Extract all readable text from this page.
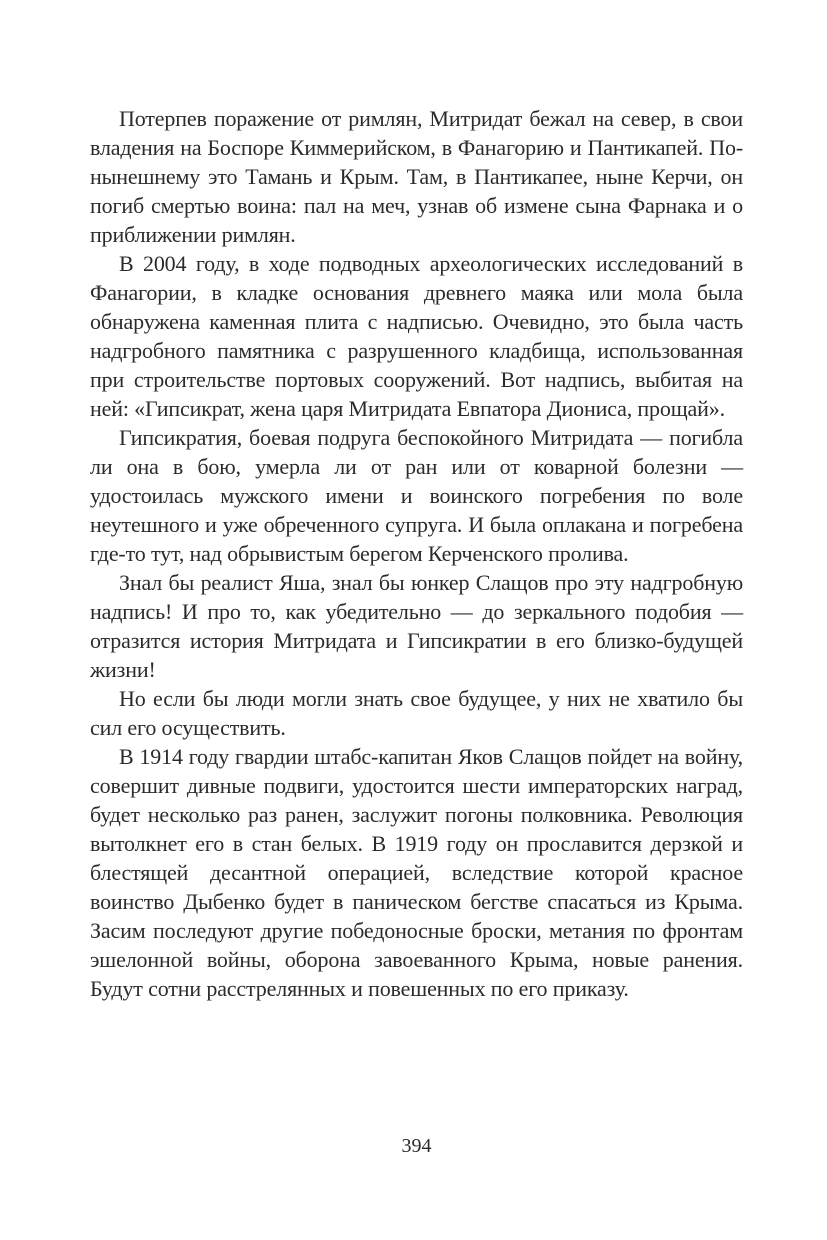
Потерпев поражение от римлян, Митридат бежал на север, в свои владения на Боспоре Киммерийском, в Фанагорию и Пантикапей. По-нынешнему это Тамань и Крым. Там, в Пантикапее, ныне Керчи, он погиб смертью воина: пал на меч, узнав об измене сына Фарнака и о приближении римлян.

В 2004 году, в ходе подводных археологических исследований в Фанагории, в кладке основания древнего маяка или мола была обнаружена каменная плита с надписью. Очевидно, это была часть надгробного памятника с разрушенного кладбища, использованная при строительстве портовых сооружений. Вот надпись, выбитая на ней: «Гипсикрат, жена царя Митридата Евпатора Диониса, прощай».

Гипсикратия, боевая подруга беспокойного Митридата — погибла ли она в бою, умерла ли от ран или от коварной болезни — удостоилась мужского имени и воинского погребения по воле неутешного и уже обреченного супруга. И была оплакана и погребена где-то тут, над обрывистым берегом Керченского пролива.

Знал бы реалист Яша, знал бы юнкер Слащов про эту надгробную надпись! И про то, как убедительно — до зеркального подобия — отразится история Митридата и Гипсикратии в его близко-будущей жизни!

Но если бы люди могли знать свое будущее, у них не хватило бы сил его осуществить.

В 1914 году гвардии штабс-капитан Яков Слащов пойдет на войну, совершит дивные подвиги, удостоится шести императорских наград, будет несколько раз ранен, заслужит погоны полковника. Революция вытолкнет его в стан белых. В 1919 году он прославится дерзкой и блестящей десантной операцией, вследствие которой красное воинство Дыбенко будет в паническом бегстве спасаться из Крыма. Засим последуют другие победоносные броски, метания по фронтам эшелонной войны, оборона завоеванного Крыма, новые ранения. Будут сотни расстрелянных и повешенных по его приказу.

394
